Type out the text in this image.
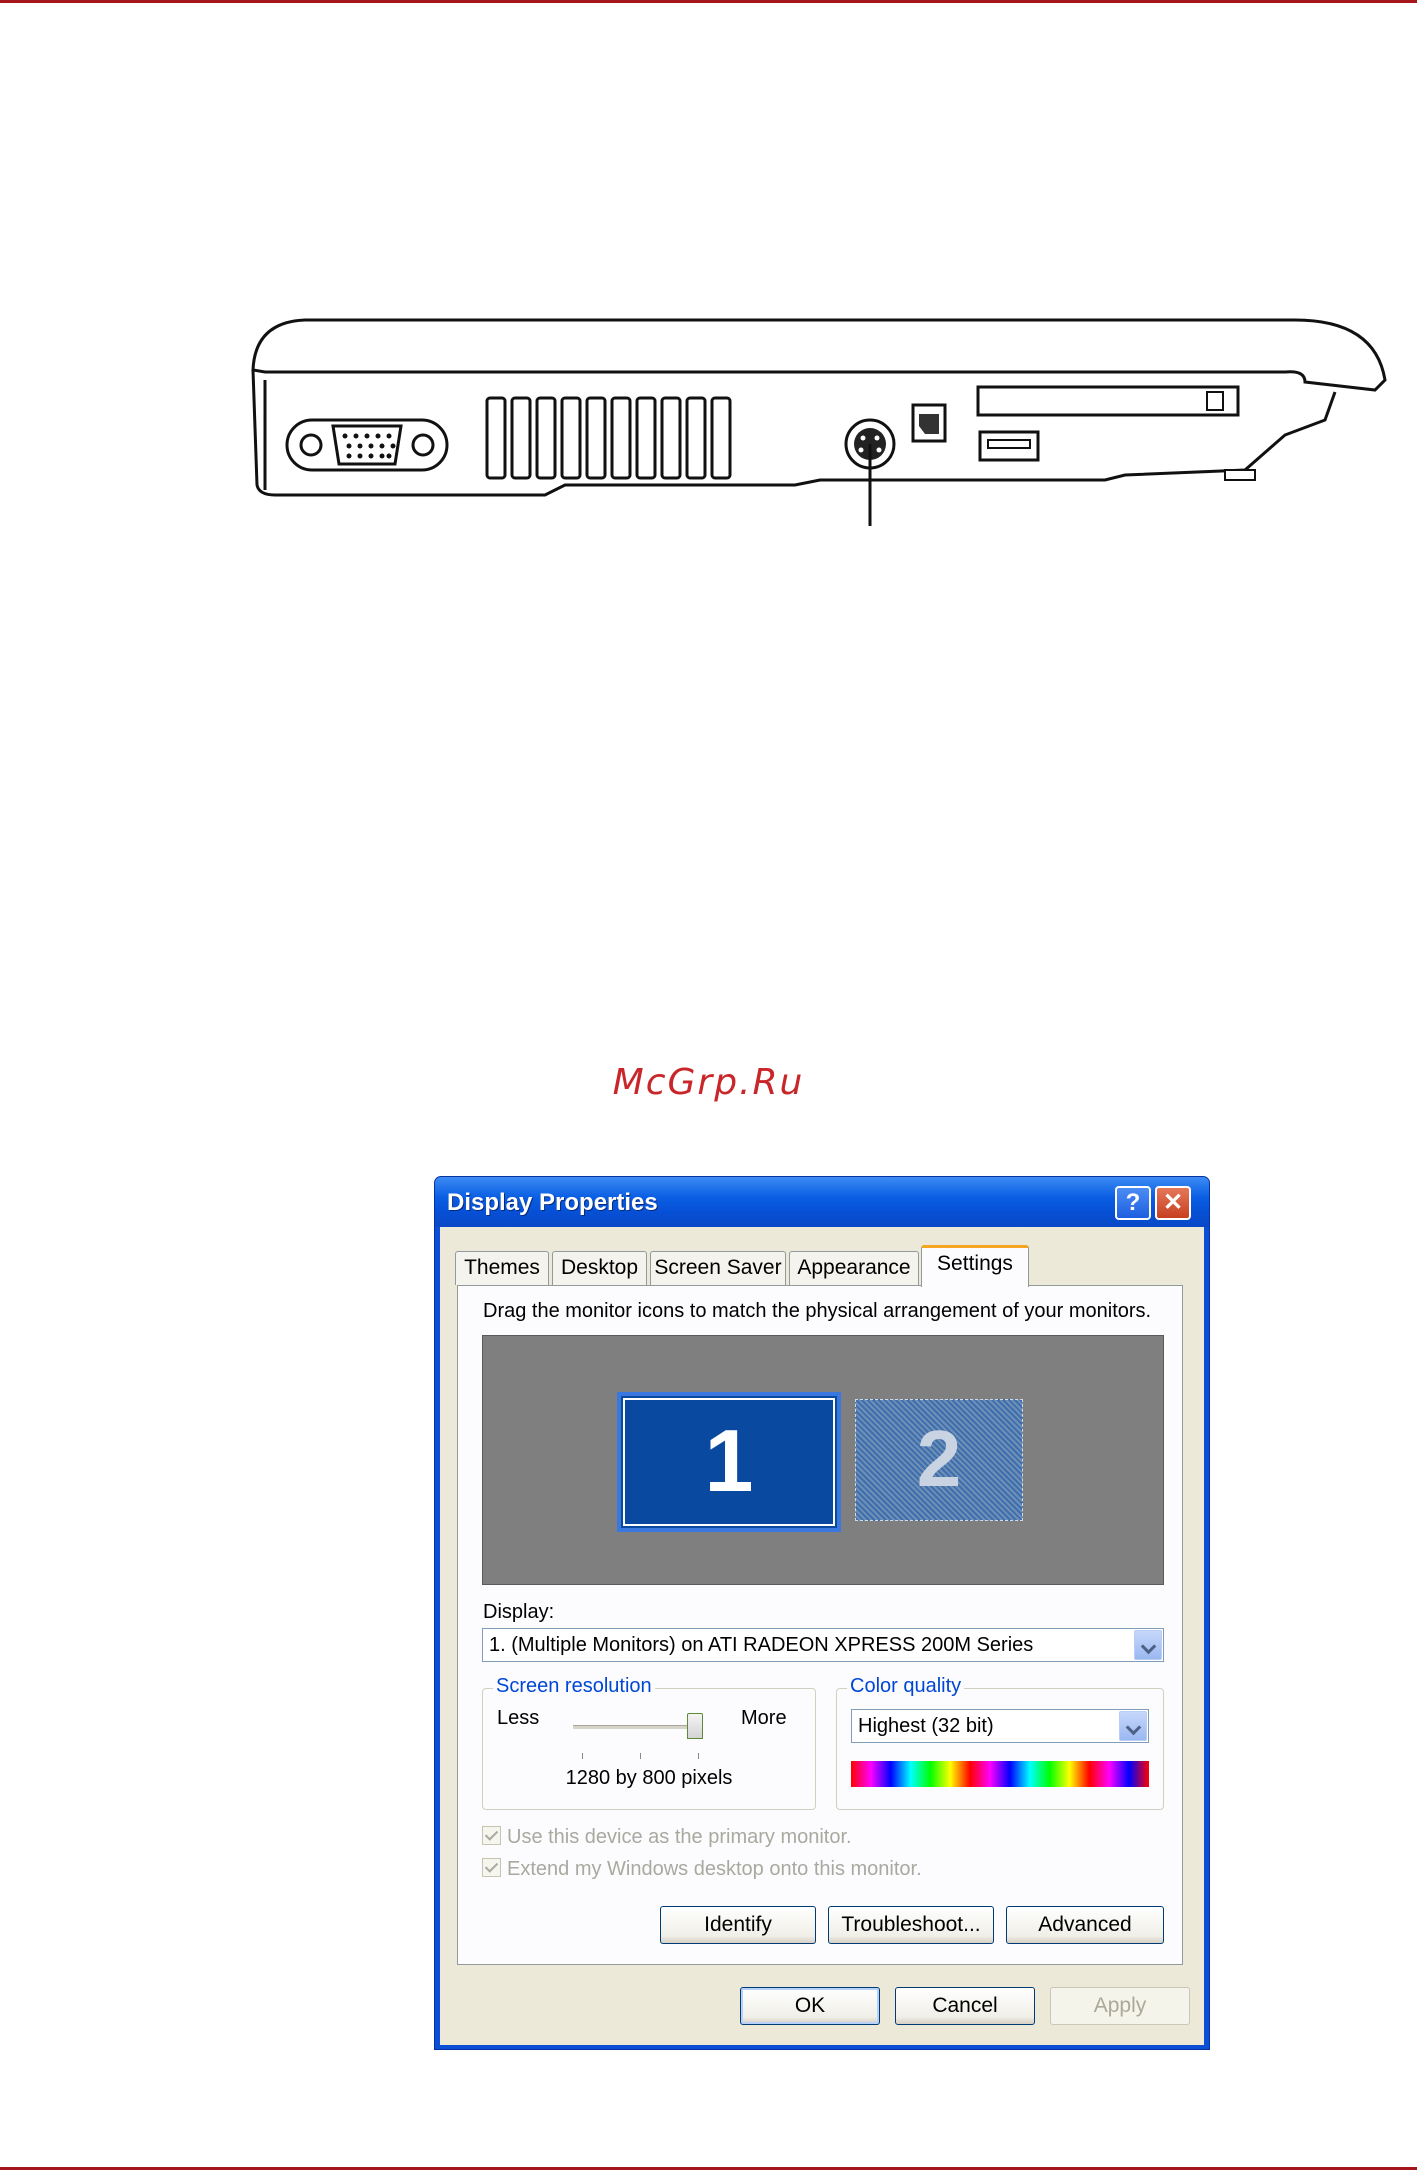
McGrp.Ru
Display Properties	? ✕
Themes	Desktop Screen Saver Appearance	Settings
Drag the monitor icons to match the physical arrangement of your monitors.
1	2
Display:
1. (Multiple Monitors) on ATI RADEON XPRESS 200M Series
Screen resolution
Less	More
1280 by 800 pixels
Color quality
Highest (32 bit)
Use this device as the primary monitor.
Extend my Windows desktop onto this monitor.
Identify	Troubleshoot...	Advanced
OK	Cancel	Apply
